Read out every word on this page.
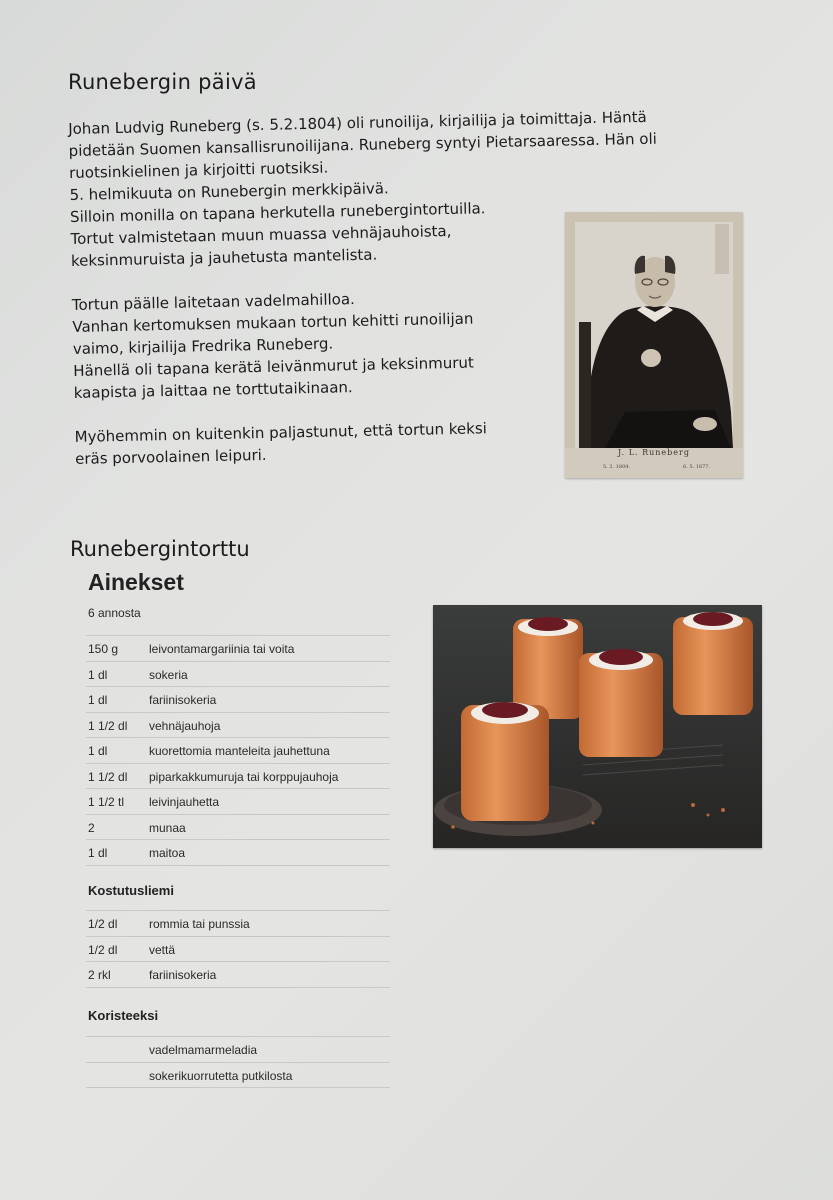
Runebergin päivä
Johan Ludvig Runeberg (s. 5.2.1804) oli runoilija, kirjailija ja toimittaja. Häntä
pidetään Suomen kansallisrunoilijana. Runeberg syntyi Pietarsaaressa. Hän oli
ruotsinkielinen ja kirjoitti ruotsiksi.
5. helmikuuta on Runebergin merkkipäivä.
Silloin monilla on tapana herkutella runebergintortuilla.
Tortut valmistetaan muun muassa vehnäjauhoista,
keksinmuruista ja jauhetusta mantelista.
Tortun päälle laitetaan vadelmahilloa.
Vanhan kertomuksen mukaan tortun kehitti runoilijan
vaimo, kirjailija Fredrika Runeberg.
Hänellä oli tapana kerätä leivänmurut ja keksinmurut
kaapista ja laittaa ne torttutaikinaan.
Myöhemmin on kuitenkin paljastunut, että tortun keksi
eräs porvoolainen leipuri.	J. L. Runeberg
5. 2. 1804.	6. 5. 1877.
Runebergintorttu
Ainekset
6 annosta
150 g	leivontamargariinia tai voita
1 dl	sokeria
1 dl	fariinisokeria
1 1/2 dl vehnäjauhoja
1 dl	kuorettomia manteleita jauhettuna
1 1/2 dl piparkakkumuruja tai korppujauhoja
1 1/2 tl leivinjauhetta
2	munaa
1 dl	maitoa
Kostutusliemi
1/2 dl	rommia tai punssia
1/2 dl	vettä
2 rkl	fariinisokeria
Koristeeksi
vadelmamarmeladia
sokerikuorrutetta putkilosta
